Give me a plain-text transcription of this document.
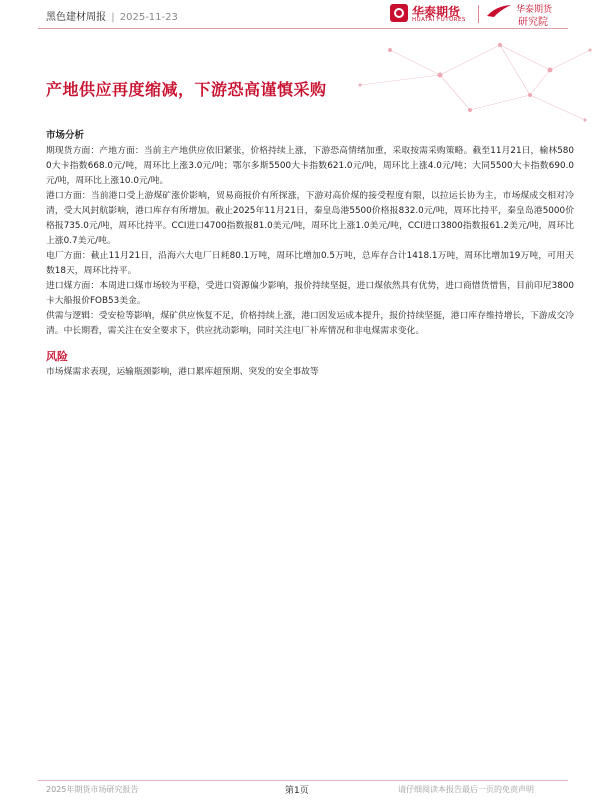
黑色建材周报 | 2025-11-23	华泰期货
HUATAI FUTURES
华泰期货
研究院
产地供应再度缩减，下游恐高谨慎采购
市场分析

期现货方面：产地方面：当前主产地供应依旧紧张，价格持续上涨，下游恐高情绪加重，采取按需采购策略。截至11月21日，榆林5800大卡指数668.0元/吨，周环比上涨3.0元/吨；鄂尔多斯5500大卡指数621.0元/吨，周环比上涨4.0元/吨；大同5500大卡指数690.0元/吨，周环比上涨10.0元/吨。

港口方面：当前港口受上游煤矿涨价影响，贸易商报价有所探涨，下游对高价煤的接受程度有限，以拉运长协为主，市场煤成交相对冷清，受大风封航影响，港口库存有所增加。截止2025年11月21日，秦皇岛港5500价格报832.0元/吨，周环比持平，秦皇岛港5000价格报735.0元/吨，周环比持平。CCI进口4700指数报81.0美元/吨，周环比上涨1.0美元/吨，CCI进口3800指数报61.2美元/吨，周环比上涨0.7美元/吨。

电厂方面：截止11月21日，沿海六大电厂日耗80.1万吨，周环比增加0.5万吨，总库存合计1418.1万吨，周环比增加19万吨，可用天数18天，周环比持平。

进口煤方面：本周进口煤市场较为平稳，受进口资源偏少影响，报价持续坚挺，进口煤依然具有优势，进口商惜货惜售，目前印尼3800卡大船报价FOB53美金。

供需与逻辑：受安检等影响，煤矿供应恢复不足，价格持续上涨，港口因发运成本提升，报价持续坚挺，港口库存维持增长，下游成交冷清。中长期看，需关注在安全要求下，供应扰动影响，同时关注电厂补库情况和非电煤需求变化。

风险

市场煤需求表现，运输瓶颈影响，港口累库超预期、突发的安全事故等

2025年期货市场研究报告	第1页	请仔细阅读本报告最后一页的免责声明
